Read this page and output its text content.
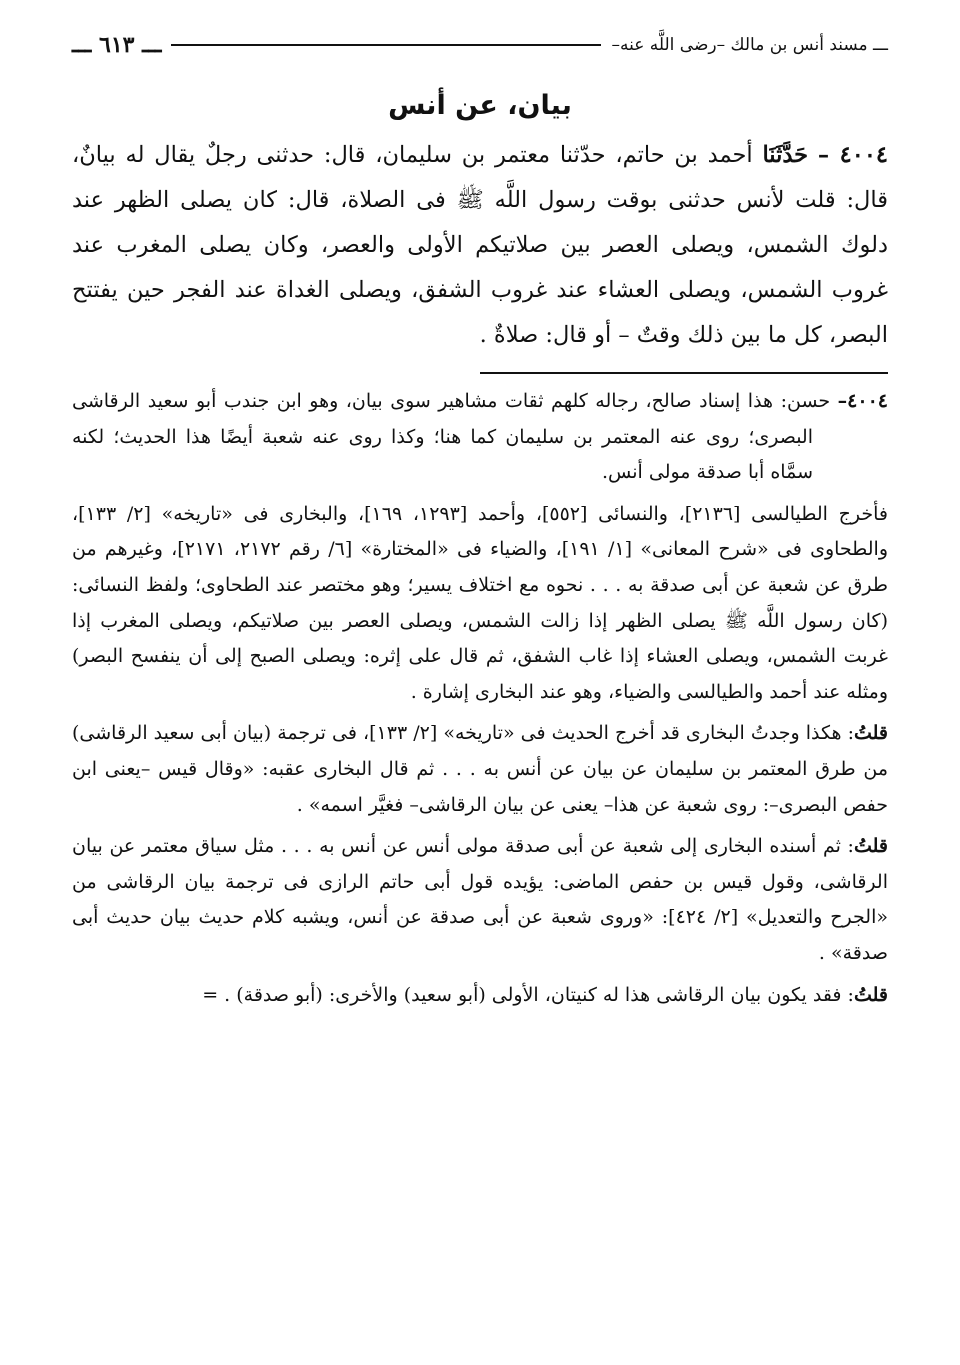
ـــ مسند أنس بن مالك –رضى اللَّه عنه–
ـــ ٦١٣ ـــ
بيان، عن أنس

٤٠٠٤ – حَدَّثَنَا أحمد بن حاتم، حدّثنا معتمر بن سليمان، قال: حدثنى رجلٌ يقال له بيانٌ، قال: قلت لأنس حدثنى بوقت رسول اللَّه ﷺ فى الصلاة، قال: كان يصلى الظهر عند دلوك الشمس، ويصلى العصر بين صلاتيكم الأولى والعصر، وكان يصلى المغرب عند غروب الشمس، ويصلى العشاء عند غروب الشفق، ويصلى الغداة عند الفجر حين يفتتح البصر، كل ما بين ذلك وقتٌ – أو قال: صلاةٌ .

٤٠٠٤– حسن: هذا إسناد صالح، رجاله كلهم ثقات مشاهير سوى بيان، وهو ابن جندب أبو سعيد الرقاشى البصرى؛ روى عنه المعتمر بن سليمان كما هنا؛ وكذا روى عنه شعبة أيضًا هذا الحديث؛ لكنه سمَّاه أبا صدقة مولى أنس.

فأخرج الطيالسى [٢١٣٦]، والنسائى [٥٥٢]، وأحمد [١٢٩٣، ١٦٩]، والبخارى فى «تاريخه» [٢/ ١٣٣]، والطحاوى فى «شرح المعانى» [١/ ١٩١]، والضياء فى «المختارة» [٦/ رقم ٢١٧٢، ٢١٧١]، وغيرهم من طرق عن شعبة عن أبى صدقة به . . . نحوه مع اختلاف يسير؛ وهو مختصر عند الطحاوى؛ ولفظ النسائى: (كان رسول اللَّه ﷺ يصلى الظهر إذا زالت الشمس، ويصلى العصر بين صلاتيكم، ويصلى المغرب إذا غربت الشمس، ويصلى العشاء إذا غاب الشفق، ثم قال على إثره: ويصلى الصبح إلى أن ينفسح البصر) ومثله عند أحمد والطيالسى والضياء، وهو عند البخارى إشارة .

قلتُ: هكذا وجدتُ البخارى قد أخرج الحديث فى «تاريخه» [٢/ ١٣٣]، فى ترجمة (بيان أبى سعيد الرقاشى) من طرق المعتمر بن سليمان عن بيان عن أنس به . . . ثم قال البخارى عقبه: «وقال قيس –يعنى ابن حفص البصرى–: روى شعبة عن هذا– يعنى عن بيان الرقاشى– فغيَّر اسمه» .

قلتُ: ثم أسنده البخارى إلى شعبة عن أبى صدقة مولى أنس عن أنس به . . . مثل سياق معتمر عن بيان الرقاشى، وقول قيس بن حفص الماضى: يؤيده قول أبى حاتم الرازى فى ترجمة بيان الرقاشى من «الجرح والتعديل» [٢/ ٤٢٤]: «وروى شعبة عن أبى صدقة عن أنس، ويشبه كلام حديث بيان حديث أبى صدقة» .

قلتُ: فقد يكون بيان الرقاشى هذا له كنيتان، الأولى (أبو سعيد) والأخرى: (أبو صدقة) . =
